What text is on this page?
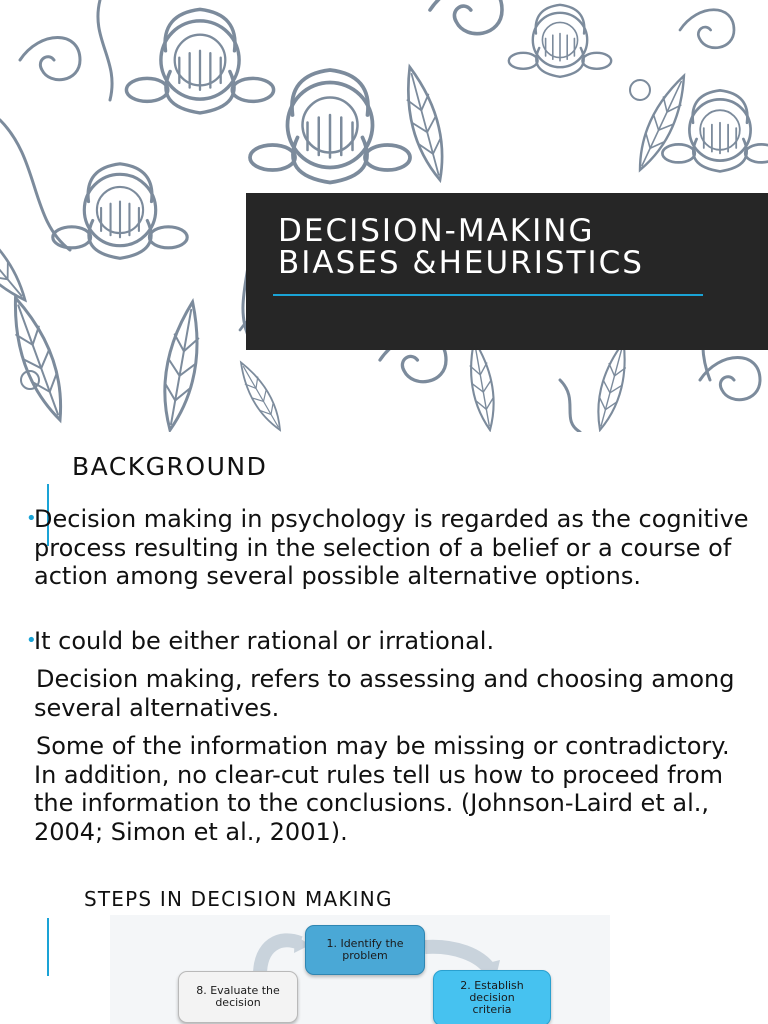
DECISION-MAKING
BIASES &HEURISTICS
BACKGROUND

•
Decision making in psychology is regarded as the cognitive process resulting in the selection of a belief or a course of action among several possible alternative options.

•
It could be either rational or irrational.

Decision making, refers to assessing and choosing among several alternatives.

Some of the information may be missing or contradictory. In addition, no clear-cut rules tell us how to proceed from the information to the conclusions. (Johnson-Laird et al., 2004; Simon et al., 2001).

STEPS IN DECISION MAKING
1. Identify the
problem
2. Establish
decision
criteria
8. Evaluate the
decision
